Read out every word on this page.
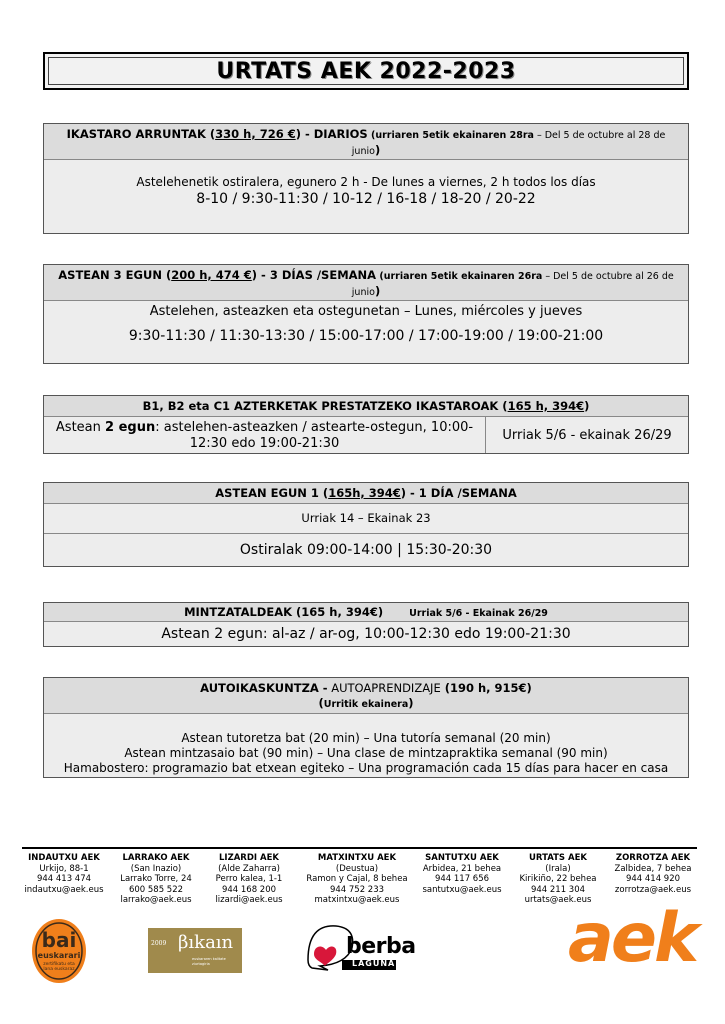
URTATS AEK 2022-2023
IKASTARO ARRUNTAK (330 h, 726 €) - DIARIOS (urriaren 5etik ekainaren 28ra – Del 5 de octubre al 28 de junio)
Astelehenetik ostiralera, egunero 2 h - De lunes a viernes, 2 h todos los días
8-10 / 9:30-11:30 / 10-12 / 16-18 / 18-20 / 20-22
ASTEAN 3 EGUN (200 h, 474 €) - 3 DÍAS /SEMANA (urriaren 5etik ekainaren 26ra – Del 5 de octubre al 26 de junio)
Astelehen, asteazken eta ostegunetan – Lunes, miércoles y jueves
9:30-11:30 / 11:30-13:30 / 15:00-17:00 / 17:00-19:00 / 19:00-21:00
B1, B2 eta C1 AZTERKETAK PRESTATZEKO IKASTAROAK (165 h, 394€)
Astean 2 egun: astelehen-asteazken / astearte-ostegun, 10:00-12:30 edo 19:00-21:30
Urriak 5/6 - ekainak 26/29
ASTEAN EGUN 1 (165h, 394€) - 1 DÍA /SEMANA
Urriak 14 – Ekainak 23
Ostiralak 09:00-14:00 | 15:30-20:30
MINTZATALDEAK (165 h, 394€)	Urriak 5/6 - Ekainak 26/29
Astean 2 egun: al-az / ar-og, 10:00-12:30 edo 19:00-21:30
AUTOIKASKUNTZA - AUTOAPRENDIZAJE (190 h, 915€)
(Urritik ekainera)
Astean tutoretza bat (20 min) – Una tutoría semanal (20 min)
Astean mintzasaio bat (90 min) – Una clase de mintzapraktika semanal (90 min)
Hamabostero: programazio bat etxean egiteko – Una programación cada 15 días para hacer en casa
INDAUTXU AEK
Urkijo, 88-1
944 413 474
indautxu@aek.eus
LARRAKO AEK
(San Inazio)
Larrako Torre, 24
600 585 522
larrako@aek.eus
LIZARDI AEK
(Alde Zaharra)
Perro kalea, 1-1
944 168 200
lizardi@aek.eus
MATXINTXU AEK
(Deustua)
Ramon y Cajal, 8 behea
944 752 233
matxintxu@aek.eus
SANTUTXU AEK
Arbidea, 21 behea
944 117 656
santutxu@aek.eus
URTATS AEK
(Irala)
Kirikiño, 22 behea
944 211 304
urtats@aek.eus
ZORROTZA AEK
Zalbidea, 7 behea
944 414 920
zorrotza@aek.eus
bai
euskarari
zertifikatu eta lana euskaraz
2009 βıkaın
euskararen kalitate ziurtagiria
berba
LAGUNA	aek
